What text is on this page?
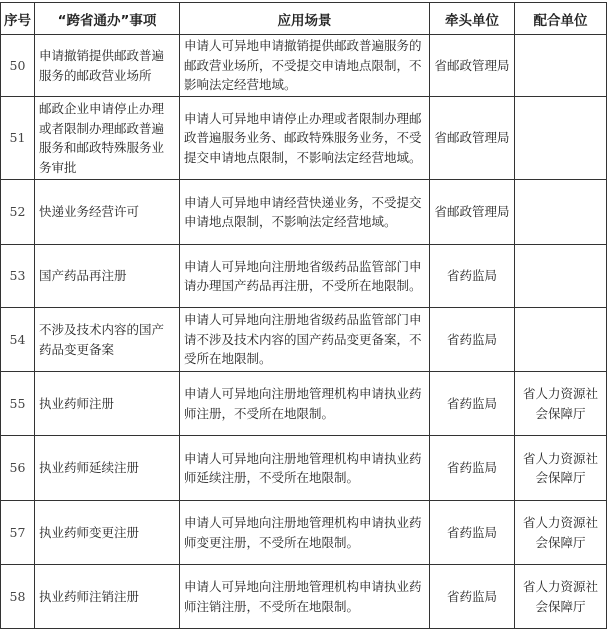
序号	“跨省通办”事项	应用场景	牵头单位	配合单位
50	申请撤销提供邮政普遍服务的邮政营业场所	申请人可异地申请撤销提供邮政普遍服务的邮政营业场所，不受提交申请地点限制，不影响法定经营地域。	省邮政管理局	
51	邮政企业申请停止办理或者限制办理邮政普遍服务和邮政特殊服务业务审批	申请人可异地申请停止办理或者限制办理邮政普遍服务业务、邮政特殊服务业务，不受提交申请地点限制，不影响法定经营地域。	省邮政管理局	
52	快递业务经营许可	申请人可异地申请经营快递业务，不受提交申请地点限制，不影响法定经营地域。	省邮政管理局	
53	国产药品再注册	申请人可异地向注册地省级药品监管部门申请办理国产药品再注册，不受所在地限制。	省药监局	
54	不涉及技术内容的国产药品变更备案	申请人可异地向注册地省级药品监管部门申请不涉及技术内容的国产药品变更备案，不受所在地限制。	省药监局	
55	执业药师注册	申请人可异地向注册地管理机构申请执业药师注册，不受所在地限制。	省药监局	省人力资源社会保障厅
56	执业药师延续注册	申请人可异地向注册地管理机构申请执业药师延续注册，不受所在地限制。	省药监局	省人力资源社会保障厅
57	执业药师变更注册	申请人可异地向注册地管理机构申请执业药师变更注册，不受所在地限制。	省药监局	省人力资源社会保障厅
58	执业药师注销注册	申请人可异地向注册地管理机构申请执业药师注销注册，不受所在地限制。	省药监局	省人力资源社会保障厅
